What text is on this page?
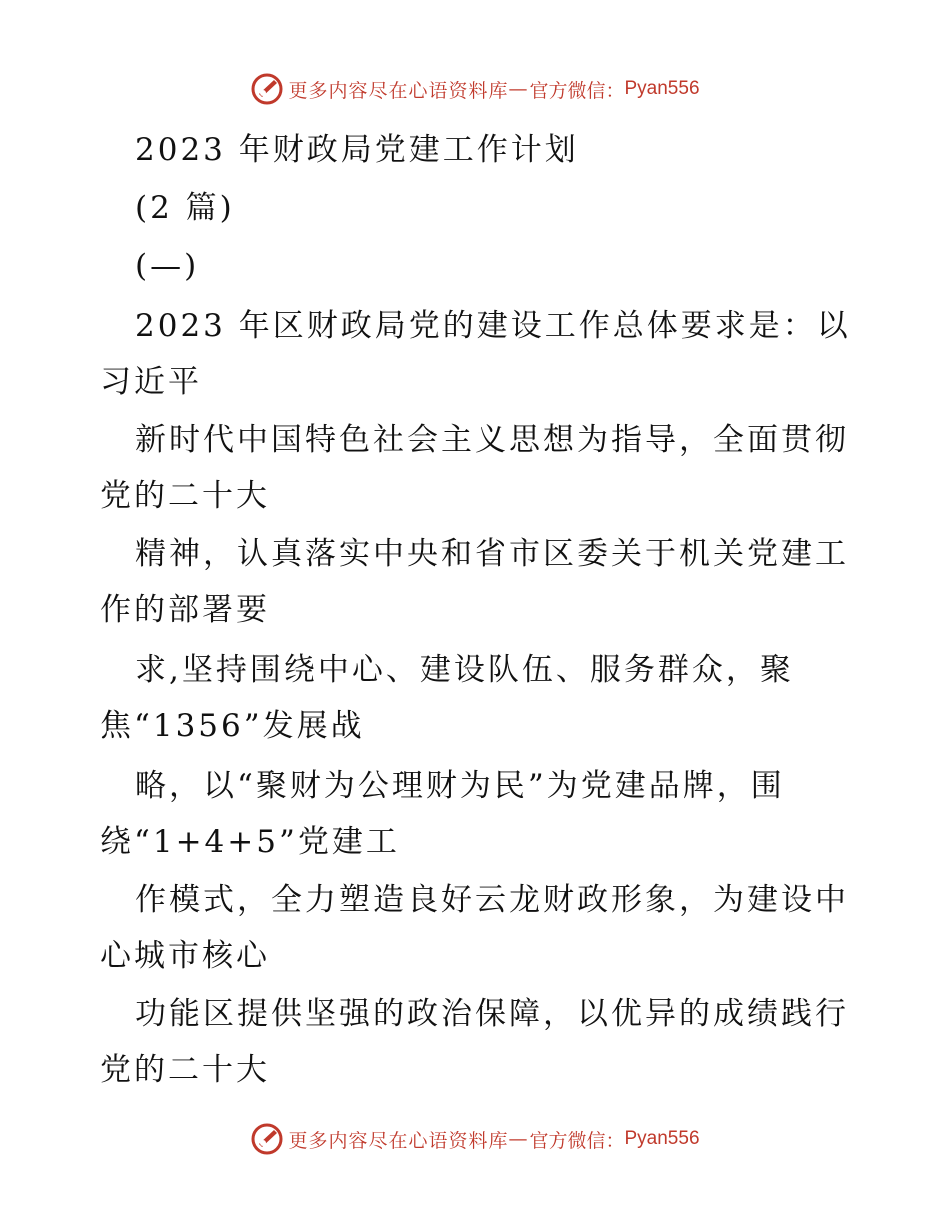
更多内容尽在心语资料库 — 官方微信： Pyan556
2023 年财政局党建工作计划
(2 篇)
(—)
2023 年区财政局党的建设工作总体要求是：以
习近平
新时代中国特色社会主义思想为指导，全面贯彻
党的二十大
精神，认真落实中央和省市区委关于机关党建工
作的部署要
求,坚持围绕中心、建设队伍、服务群众，聚
焦“1356”发展战
略，以“聚财为公理财为民”为党建品牌，围
绕“1+4+5”党建工
作模式，全力塑造良好云龙财政形象，为建设中
心城市核心
功能区提供坚强的政治保障，以优异的成绩践行
党的二十大
更多内容尽在心语资料库 — 官方微信： Pyan556
